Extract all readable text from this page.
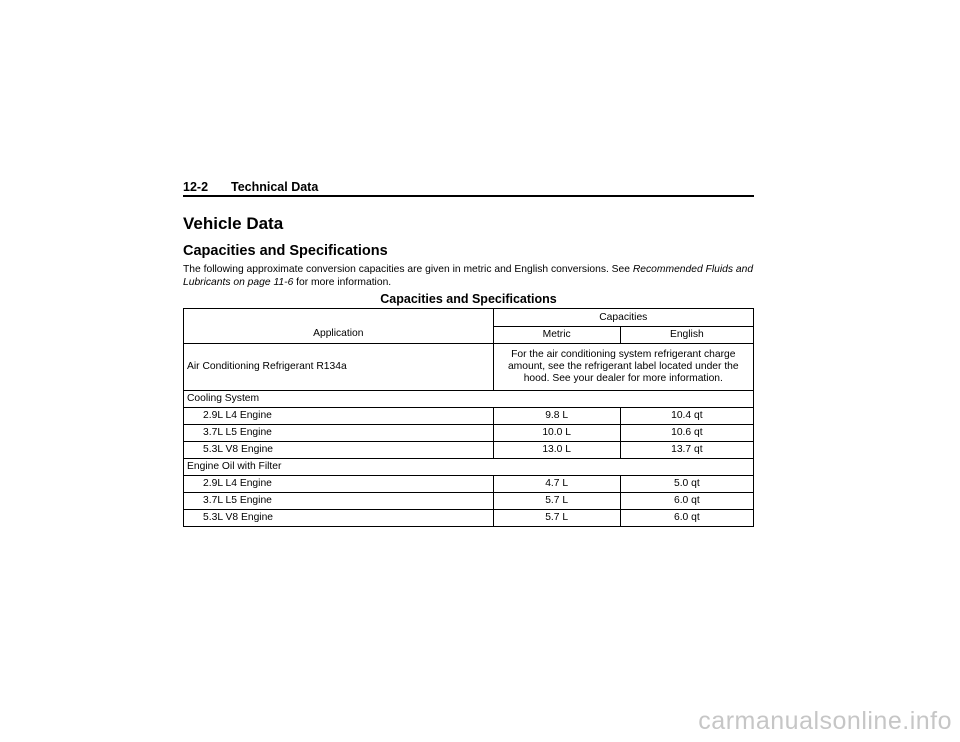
12-2 Technical Data
Vehicle Data
Capacities and Specifications
The following approximate conversion capacities are given in metric and English conversions. See Recommended Fluids and Lubricants on page 11-6 for more information.
Capacities and Specifications
Application	Capacities	
	Metric	English
Air Conditioning Refrigerant R134a	For the air conditioning system refrigerant charge amount, see the refrigerant label located under the hood. See your dealer for more information.	
Cooling System		
2.9L L4 Engine	9.8 L	10.4 qt
3.7L L5 Engine	10.0 L	10.6 qt
5.3L V8 Engine	13.0 L	13.7 qt
Engine Oil with Filter		
2.9L L4 Engine	4.7 L	5.0 qt
3.7L L5 Engine	5.7 L	6.0 qt
5.3L V8 Engine	5.7 L	6.0 qt
carmanualsonline.info
